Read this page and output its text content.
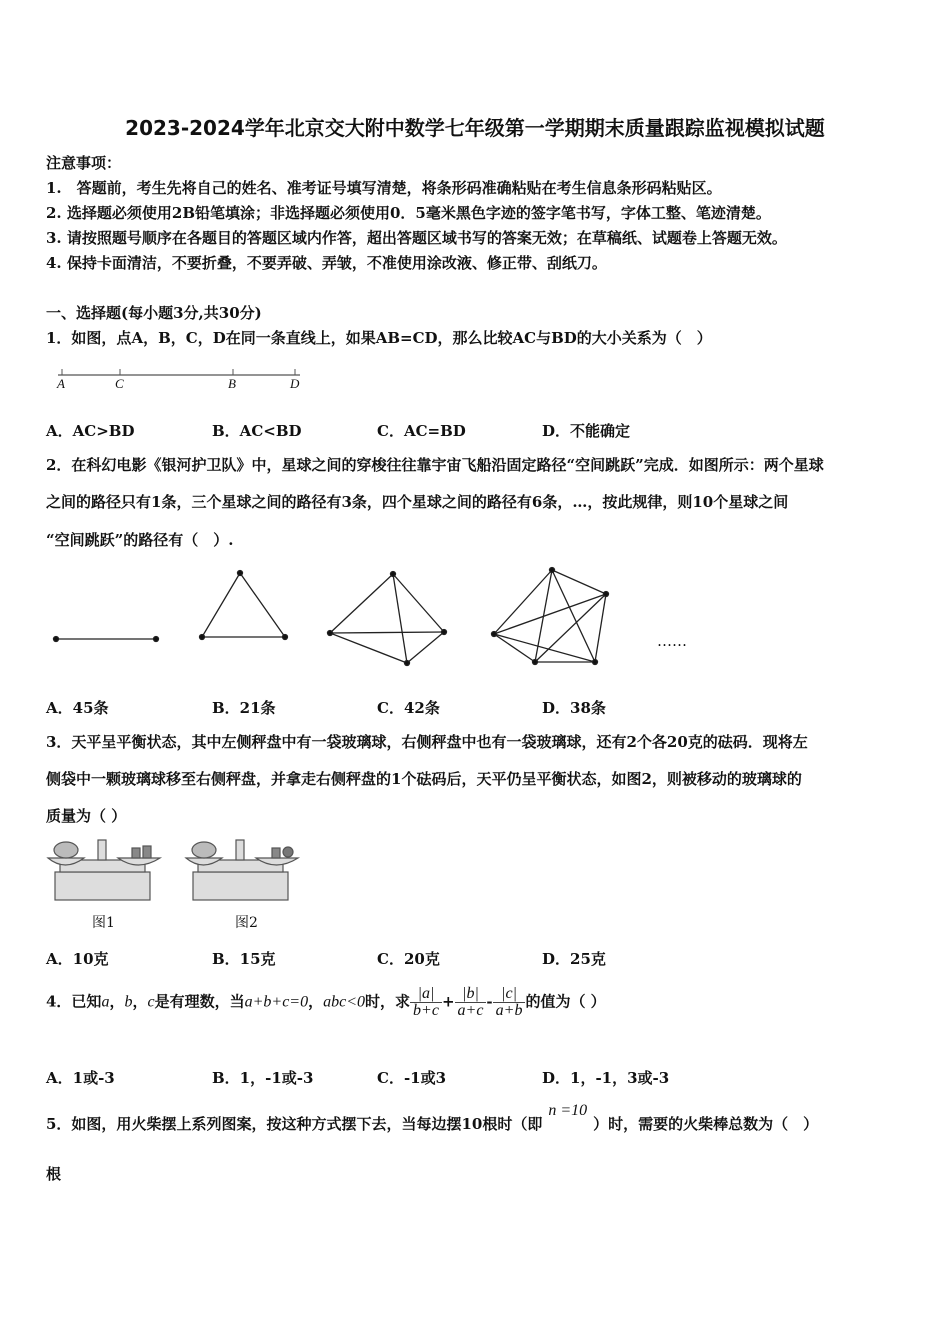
2023-2024学年北京交大附中数学七年级第一学期期末质量跟踪监视模拟试题
注意事项：
1.　答题前，考生先将自己的姓名、准考证号填写清楚，将条形码准确粘贴在考生信息条形码粘贴区。
2. 选择题必须使用2B铅笔填涂；非选择题必须使用0．5毫米黑色字迹的签字笔书写，字体工整、笔迹清楚。
3. 请按照题号顺序在各题目的答题区域内作答，超出答题区域书写的答案无效；在草稿纸、试题卷上答题无效。
4. 保持卡面清洁，不要折叠，不要弄破、弄皱，不准使用涂改液、修正带、刮纸刀。
一、选择题(每小题3分,共30分)
1．如图，点A，B，C，D在同一条直线上，如果AB=CD，那么比较AC与BD的大小关系为（　）
A	C	B	D
A．AC>BD	B．AC<BD	C．AC=BD	D．不能确定
2．在科幻电影《银河护卫队》中，星球之间的穿梭往往靠宇宙飞船沿固定路径“空间跳跃”完成．如图所示：两个星球
之间的路径只有1条，三个星球之间的路径有3条，四个星球之间的路径有6条，…，按此规律，则10个星球之间
“空间跳跃”的路径有（　）.
……
A．45条	B．21条	C．42条	D．38条
3．天平呈平衡状态，其中左侧秤盘中有一袋玻璃球，右侧秤盘中也有一袋玻璃球，还有2个各20克的砝码．现将左
侧袋中一颗玻璃球移至右侧秤盘，并拿走右侧秤盘的1个砝码后，天平仍呈平衡状态，如图2，则被移动的玻璃球的
质量为（ ）
图1	图2
A．10克	B．15克	C．20克	D．25克
4．已知a，b，c是有理数，当a+b+c=0，abc<0时，求 $\frac{|a|}{b+c} + \frac{|b|}{a+c} - \frac{|c|}{a+b}$ 的值为（ ）
A．1或-3	B．1，-1或-3	C．-1或3	D．1，-1，3或-3
5．如图，用火柴摆上系列图案，按这种方式摆下去，当每边摆10根时（即n =10）时，需要的火柴棒总数为（　）
根
